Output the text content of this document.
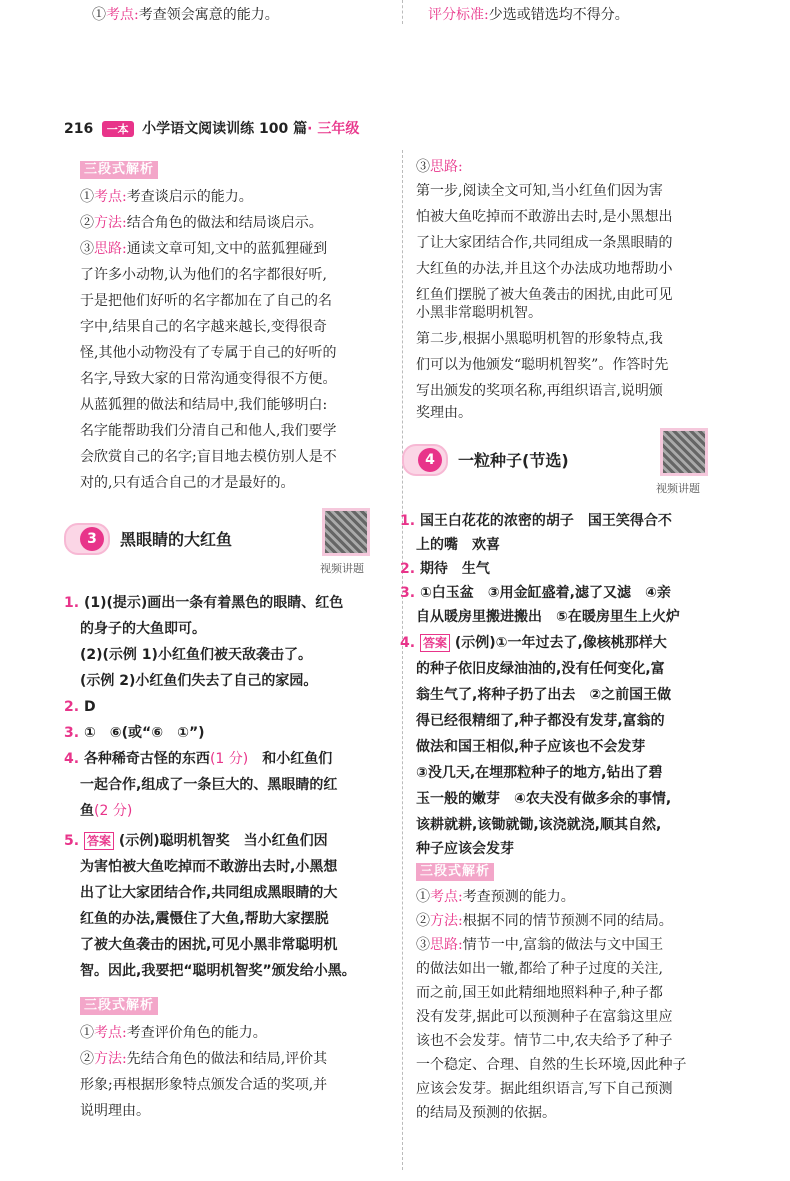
①考点:考查领会寓意的能力。	评分标准:少选或错选均不得分。
216 一本 小学语文阅读训练 100 篇· 三年级
三段式解析
①考点:考查谈启示的能力。
②方法:结合角色的做法和结局谈启示。
③思路:通读文章可知,文中的蓝狐狸碰到
了许多小动物,认为他们的名字都很好听,
于是把他们好听的名字都加在了自己的名
字中,结果自己的名字越来越长,变得很奇
怪,其他小动物没有了专属于自己的好听的
名字,导致大家的日常沟通变得很不方便。
从蓝狐狸的做法和结局中,我们能够明白:
名字能帮助我们分清自己和他人,我们要学
会欣赏自己的名字;盲目地去模仿别人是不
对的,只有适合自己的才是最好的。
3	黑眼睛的大红鱼
视频讲题
1. (1)(提示)画出一条有着黑色的眼睛、红色
的身子的大鱼即可。
(2)(示例 1)小红鱼们被天敌袭击了。
(示例 2)小红鱼们失去了自己的家园。
2. D
3. ①　⑥(或“⑥　①”)
4. 各种稀奇古怪的东西(1 分)　和小红鱼们
一起合作,组成了一条巨大的、黑眼睛的红
鱼(2 分)
5. 答案 (示例)聪明机智奖　当小红鱼们因
为害怕被大鱼吃掉而不敢游出去时,小黑想
出了让大家团结合作,共同组成黑眼睛的大
红鱼的办法,震慑住了大鱼,帮助大家摆脱
了被大鱼袭击的困扰,可见小黑非常聪明机
智。因此,我要把“聪明机智奖”颁发给小黑。
三段式解析
①考点:考查评价角色的能力。
②方法:先结合角色的做法和结局,评价其
形象;再根据形象特点颁发合适的奖项,并
说明理由。
③思路:
第一步,阅读全文可知,当小红鱼们因为害
怕被大鱼吃掉而不敢游出去时,是小黑想出
了让大家团结合作,共同组成一条黑眼睛的
大红鱼的办法,并且这个办法成功地帮助小
红鱼们摆脱了被大鱼袭击的困扰,由此可见
小黑非常聪明机智。
第二步,根据小黑聪明机智的形象特点,我
们可以为他颁发“聪明机智奖”。作答时先
写出颁发的奖项名称,再组织语言,说明颁
奖理由。
4	一粒种子(节选)
视频讲题
1. 国王白花花的浓密的胡子　国王笑得合不
上的嘴　欢喜
2. 期待　生气
3. ①白玉盆　③用金缸盛着,滤了又滤　④亲
自从暖房里搬进搬出　⑤在暖房里生上火炉
4. 答案 (示例)①一年过去了,像核桃那样大
的种子依旧皮绿油油的,没有任何变化,富
翁生气了,将种子扔了出去　②之前国王做
得已经很精细了,种子都没有发芽,富翁的
做法和国王相似,种子应该也不会发芽
③没几天,在埋那粒种子的地方,钻出了碧
玉一般的嫩芽　④农夫没有做多余的事情,
该耕就耕,该锄就锄,该浇就浇,顺其自然,
种子应该会发芽
三段式解析
①考点:考查预测的能力。
②方法:根据不同的情节预测不同的结局。
③思路:情节一中,富翁的做法与文中国王
的做法如出一辙,都给了种子过度的关注,
而之前,国王如此精细地照料种子,种子都
没有发芽,据此可以预测种子在富翁这里应
该也不会发芽。情节二中,农夫给予了种子
一个稳定、合理、自然的生长环境,因此种子
应该会发芽。据此组织语言,写下自己预测
的结局及预测的依据。
